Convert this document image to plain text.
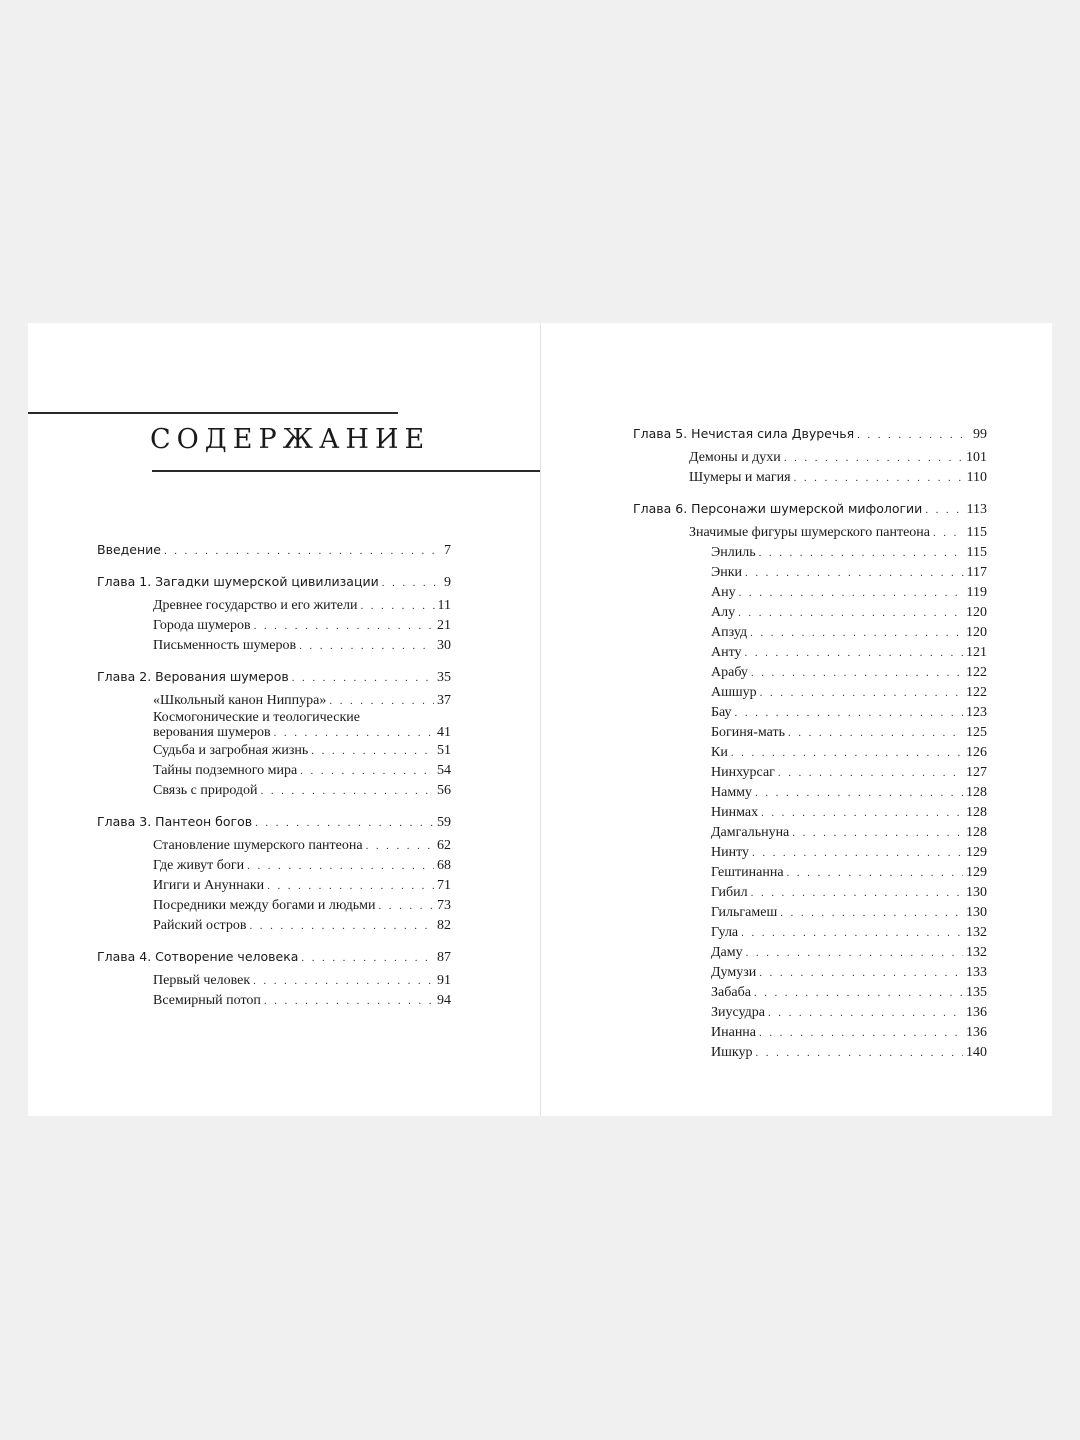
СОДЕРЖАНИЕ
Введение . . .	7
Глава 1. Загадки шумерской цивилизации . . .	9
Древнее государство и его жители . . .	11
Города шумеров . . .	21
Письменность шумеров . . .	30
Глава 2. Верования шумеров . . .	35
«Школьный канон Ниппура» . . .	37
Космогонические и теологические
верования шумеров . . .	41
Судьба и загробная жизнь . . .	51
Тайны подземного мира . . .	54
Связь с природой . . .	56
Глава 3. Пантеон богов . . .	59
Становление шумерского пантеона . . .	62
Где живут боги . . .	68
Игиги и Ануннаки . . .	71
Посредники между богами и людьми . . .	73
Райский остров . . .	82
Глава 4. Сотворение человека . . .	87
Первый человек . . .	91
Всемирный потоп . . .	94
Глава 5. Нечистая сила Двуречья . . .	99
Демоны и духи . . .	101
Шумеры и магия . . .	110
Глава 6. Персонажи шумерской мифологии . . .	113
Значимые фигуры шумерского пантеона . . .	115
Энлиль . . .	115
Энки . . .	117
Ану . . .	119
Алу . . .	120
Апзуд . . .	120
Анту . . .	121
Арабу . . .	122
Ашшур . . .	122
Бау . . .	123
Богиня-мать . . .	125
Ки . . .	126
Нинхурсаг . . .	127
Намму . . .	128
Нинмах . . .	128
Дамгальнуна . . .	128
Нинту . . .	129
Гештинанна . . .	129
Гибил . . .	130
Гильгамеш . . .	130
Гула . . .	132
Даму . . .	132
Думузи . . .	133
Забаба . . .	135
Зиусудра . . .	136
Инанна . . .	136
Ишкур . . .	140
